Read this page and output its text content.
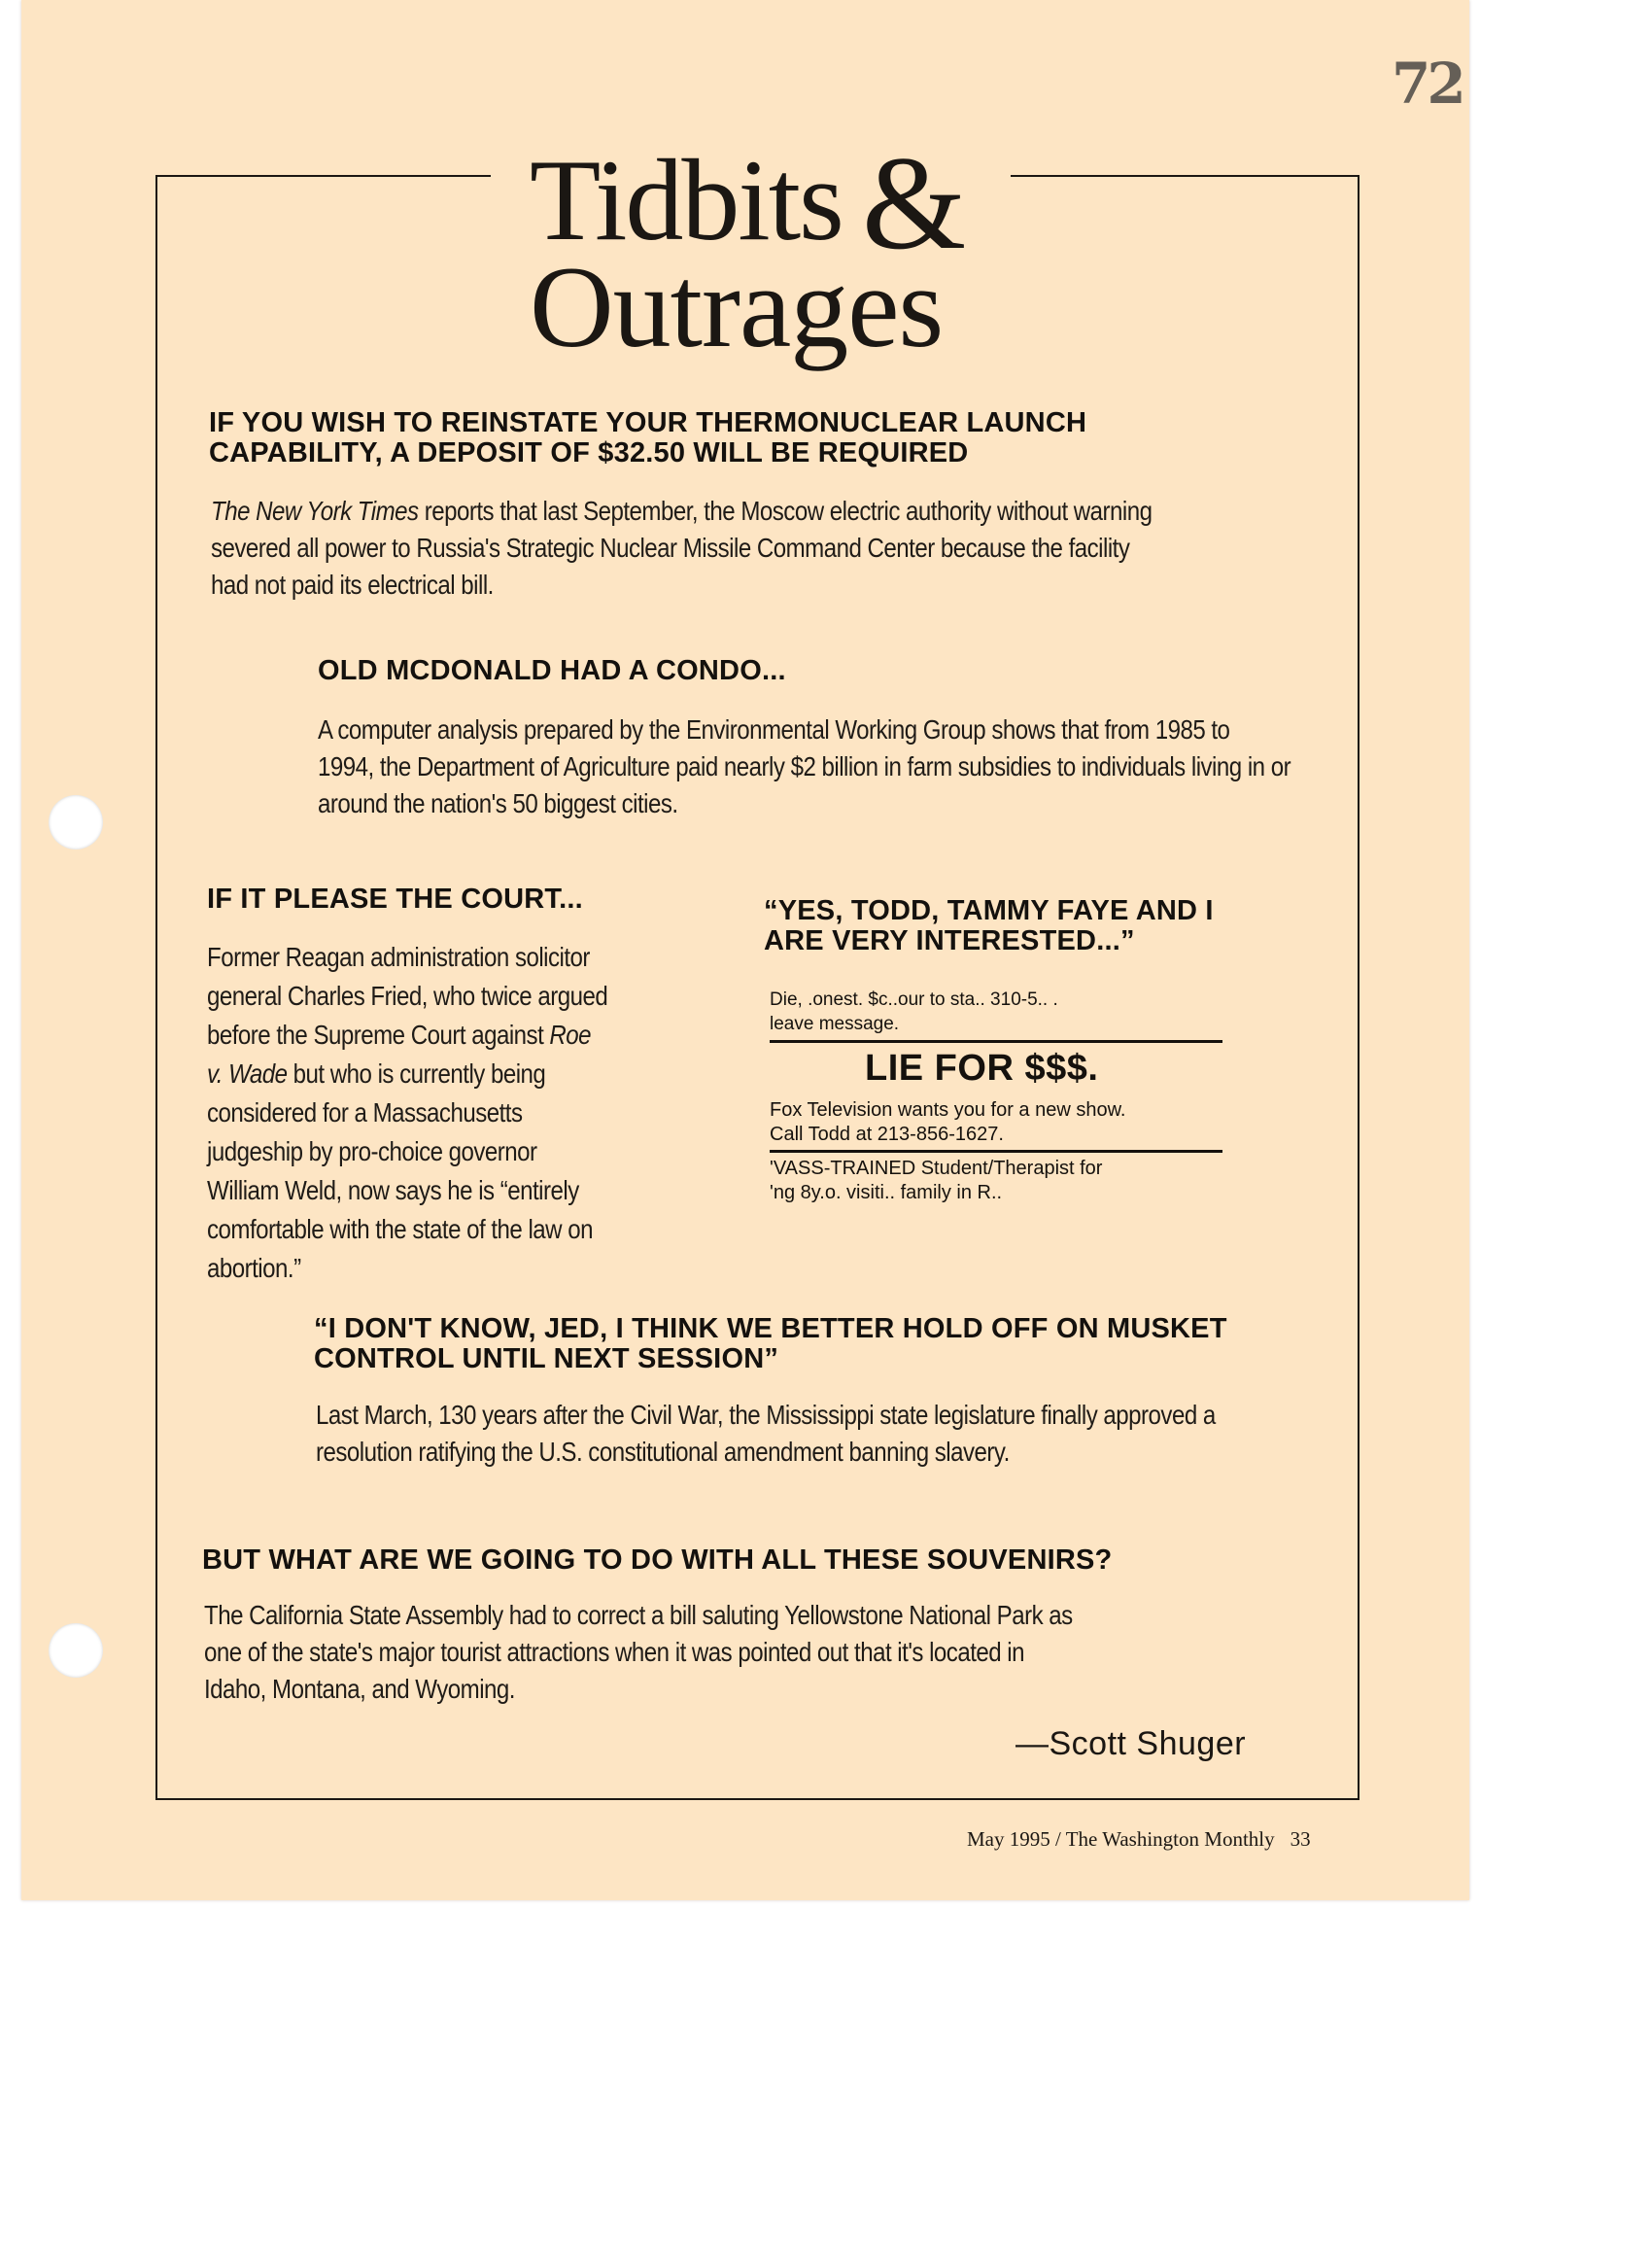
72
Tidbits &
Outrages
IF YOU WISH TO REINSTATE YOUR THERMONUCLEAR LAUNCH CAPABILITY, A DEPOSIT OF $32.50 WILL BE REQUIRED
The New York Times reports that last September, the Moscow electric authority without warning severed all power to Russia's Strategic Nuclear Missile Command Center because the facility had not paid its electrical bill.
OLD MCDONALD HAD A CONDO...
A computer analysis prepared by the Environmental Working Group shows that from 1985 to 1994, the Department of Agriculture paid nearly $2 billion in farm subsidies to individuals living in or around the nation's 50 biggest cities.
IF IT PLEASE THE COURT...
Former Reagan administration solicitor general Charles Fried, who twice argued before the Supreme Court against Roe v. Wade but who is currently being considered for a Massachusetts judgeship by pro-choice governor William Weld, now says he is “entirely comfortable with the state of the law on abortion.”
“YES, TODD, TAMMY FAYE AND I ARE VERY INTERESTED...”
Die, .onest. $c..our to sta.. 310-5.. .
leave message.
LIE FOR $$$.
Fox Television wants you for a new show.
Call Todd at 213-856-1627.
'VASS-TRAINED Student/Therapist for
'ng 8y.o. visiti.. family in R..
“I DON'T KNOW, JED, I THINK WE BETTER HOLD OFF ON MUSKET CONTROL UNTIL NEXT SESSION”
Last March, 130 years after the Civil War, the Mississippi state legislature finally approved a resolution ratifying the U.S. constitutional amendment banning slavery.
BUT WHAT ARE WE GOING TO DO WITH ALL THESE SOUVENIRS?
The California State Assembly had to correct a bill saluting Yellowstone National Park as one of the state's major tourist attractions when it was pointed out that it's located in Idaho, Montana, and Wyoming.
—Scott Shuger
May 1995 / The Washington Monthly 33
